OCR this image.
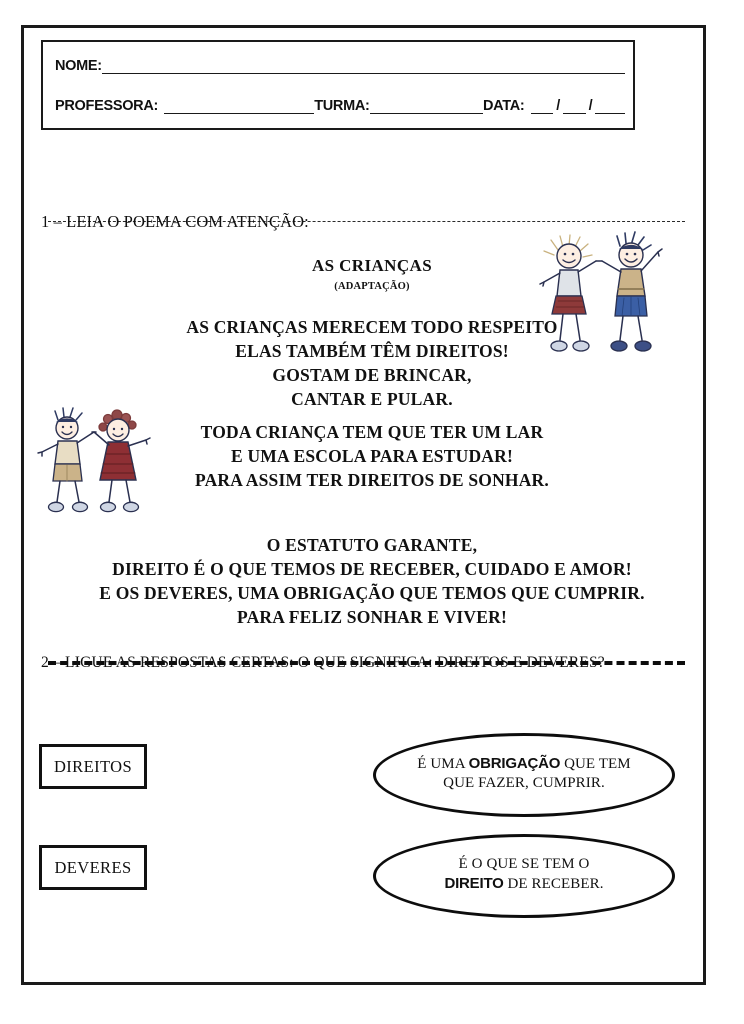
NOME:
PROFESSORA:	TURMA:	DATA: / /
1 – LEIA O POEMA COM ATENÇÃO:
AS CRIANÇAS
(ADAPTAÇÃO)
AS CRIANÇAS MERECEM TODO RESPEITO
ELAS TAMBÉM TÊM DIREITOS!
GOSTAM DE BRINCAR,
CANTAR E PULAR.
TODA CRIANÇA TEM QUE TER UM LAR
E UMA ESCOLA PARA ESTUDAR!
PARA ASSIM TER DIREITOS DE SONHAR.
O ESTATUTO GARANTE,
DIREITO É O QUE TEMOS DE RECEBER, CUIDADO E AMOR!
E OS DEVERES, UMA OBRIGAÇÃO QUE TEMOS QUE CUMPRIR.
PARA FELIZ SONHAR E VIVER!
2 – LIGUE AS RESPOSTAS CERTAS: O QUE SIGNIFICA: DIREITOS E DEVERES?
DIREITOS
DEVERES
É UMA OBRIGAÇÃO QUE TEM
QUE FAZER, CUMPRIR.
É O QUE SE TEM O
DIREITO DE RECEBER.
